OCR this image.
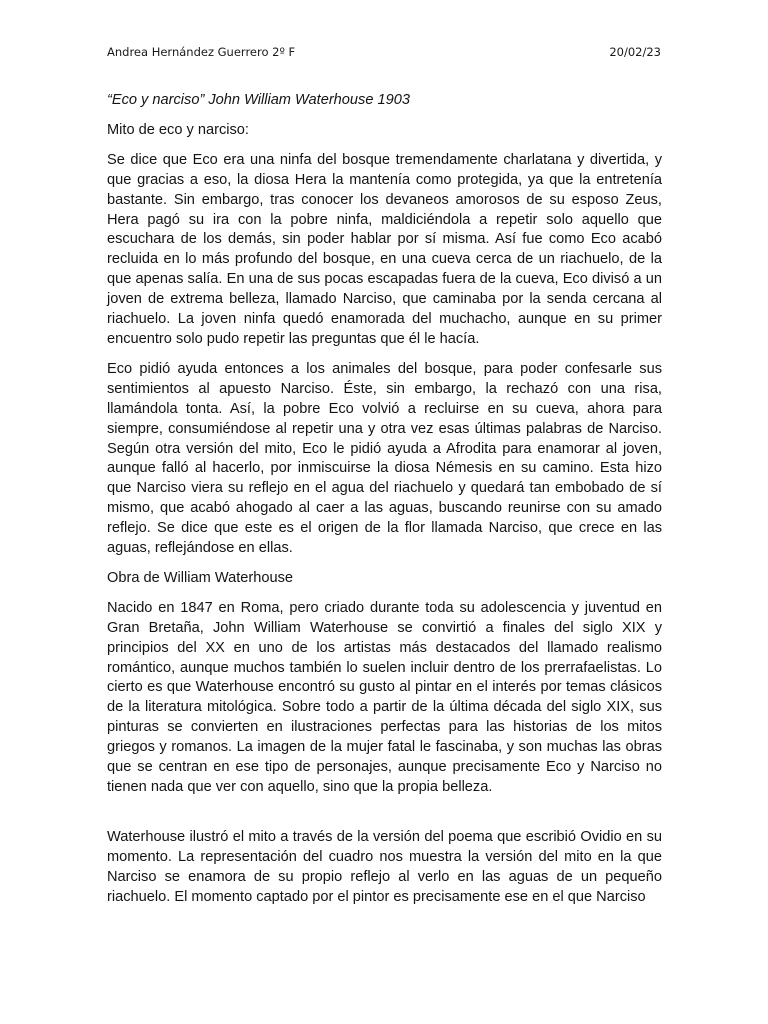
Andrea Hernández Guerrero 2º F	20/02/23

“Eco y narciso” John William Waterhouse 1903

Mito de eco y narciso:

Se dice que Eco era una ninfa del bosque tremendamente charlatana y divertida, y que gracias a eso, la diosa Hera la mantenía como protegida, ya que la entretenía bastante. Sin embargo, tras conocer los devaneos amorosos de su esposo Zeus, Hera pagó su ira con la pobre ninfa, maldiciéndola a repetir solo aquello que escuchara de los demás, sin poder hablar por sí misma. Así fue como Eco acabó recluida en lo más profundo del bosque, en una cueva cerca de un riachuelo, de la que apenas salía. En una de sus pocas escapadas fuera de la cueva, Eco divisó a un joven de extrema belleza, llamado Narciso, que caminaba por la senda cercana al riachuelo. La joven ninfa quedó enamorada del muchacho, aunque en su primer encuentro solo pudo repetir las preguntas que él le hacía.

Eco pidió ayuda entonces a los animales del bosque, para poder confesarle sus sentimientos al apuesto Narciso. Éste, sin embargo, la rechazó con una risa, llamándola tonta. Así, la pobre Eco volvió a recluirse en su cueva, ahora para siempre, consumiéndose al repetir una y otra vez esas últimas palabras de Narciso. Según otra versión del mito, Eco le pidió ayuda a Afrodita para enamorar al joven, aunque falló al hacerlo, por inmiscuirse la diosa Némesis en su camino. Esta hizo que Narciso viera su reflejo en el agua del riachuelo y quedará tan embobado de sí mismo, que acabó ahogado al caer a las aguas, buscando reunirse con su amado reflejo. Se dice que este es el origen de la flor llamada Narciso, que crece en las aguas, reflejándose en ellas.

Obra de William Waterhouse

Nacido en 1847 en Roma, pero criado durante toda su adolescencia y juventud en Gran Bretaña, John William Waterhouse se convirtió a finales del siglo XIX y principios del XX en uno de los artistas más destacados del llamado realismo romántico, aunque muchos también lo suelen incluir dentro de los prerrafaelistas. Lo cierto es que Waterhouse encontró su gusto al pintar en el interés por temas clásicos de la literatura mitológica. Sobre todo a partir de la última década del siglo XIX, sus pinturas se convierten en ilustraciones perfectas para las historias de los mitos griegos y romanos. La imagen de la mujer fatal le fascinaba, y son muchas las obras que se centran en ese tipo de personajes, aunque precisamente Eco y Narciso no tienen nada que ver con aquello, sino que la propia belleza.

Waterhouse ilustró el mito a través de la versión del poema que escribió Ovidio en su momento. La representación del cuadro nos muestra la versión del mito en la que Narciso se enamora de su propio reflejo al verlo en las aguas de un pequeño riachuelo. El momento captado por el pintor es precisamente ese en el que Narciso
